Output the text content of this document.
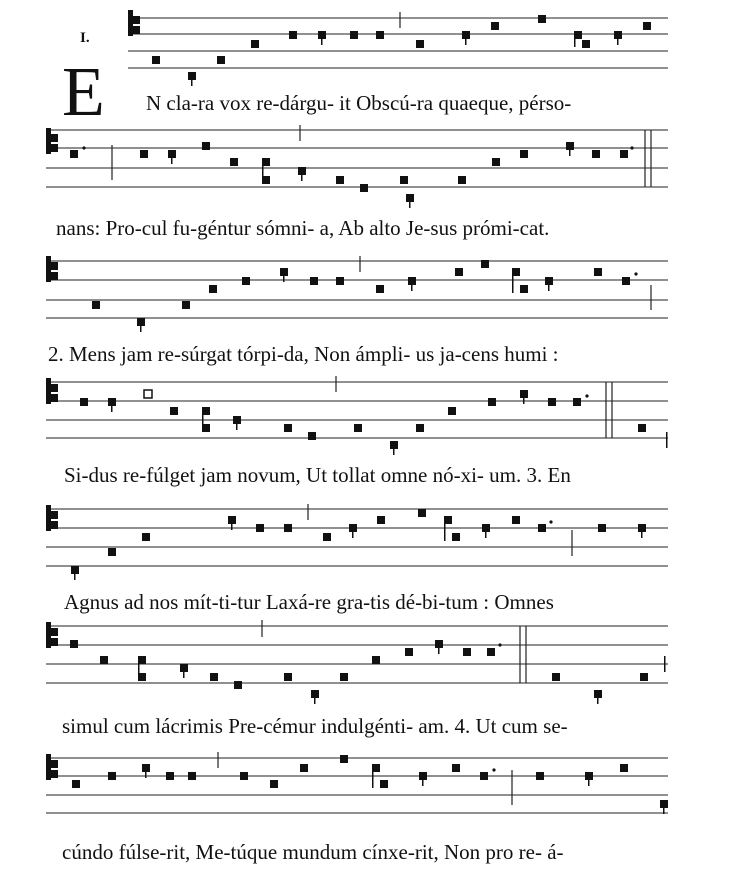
I.
E N cla-ra vox re-dárgu- it Obscú-ra quaeque, pérso-
nans: Pro-cul fu-géntur sómni- a, Ab alto Je-sus prómi-cat.
2. Mens jam re-súrgat tórpi-da, Non ámpli- us ja-cens humi :
Si-dus re-fúlget jam novum, Ut tollat omne nó-xi- um. 3. En
Agnus ad nos mít-ti-tur Laxá-re gra-tis dé-bi-tum : Omnes
simul cum lácrimis Pre-cémur indulgénti- am. 4. Ut cum se-
cúndo fúlse-rit, Me-túque mundum cínxe-rit, Non pro re- á-
